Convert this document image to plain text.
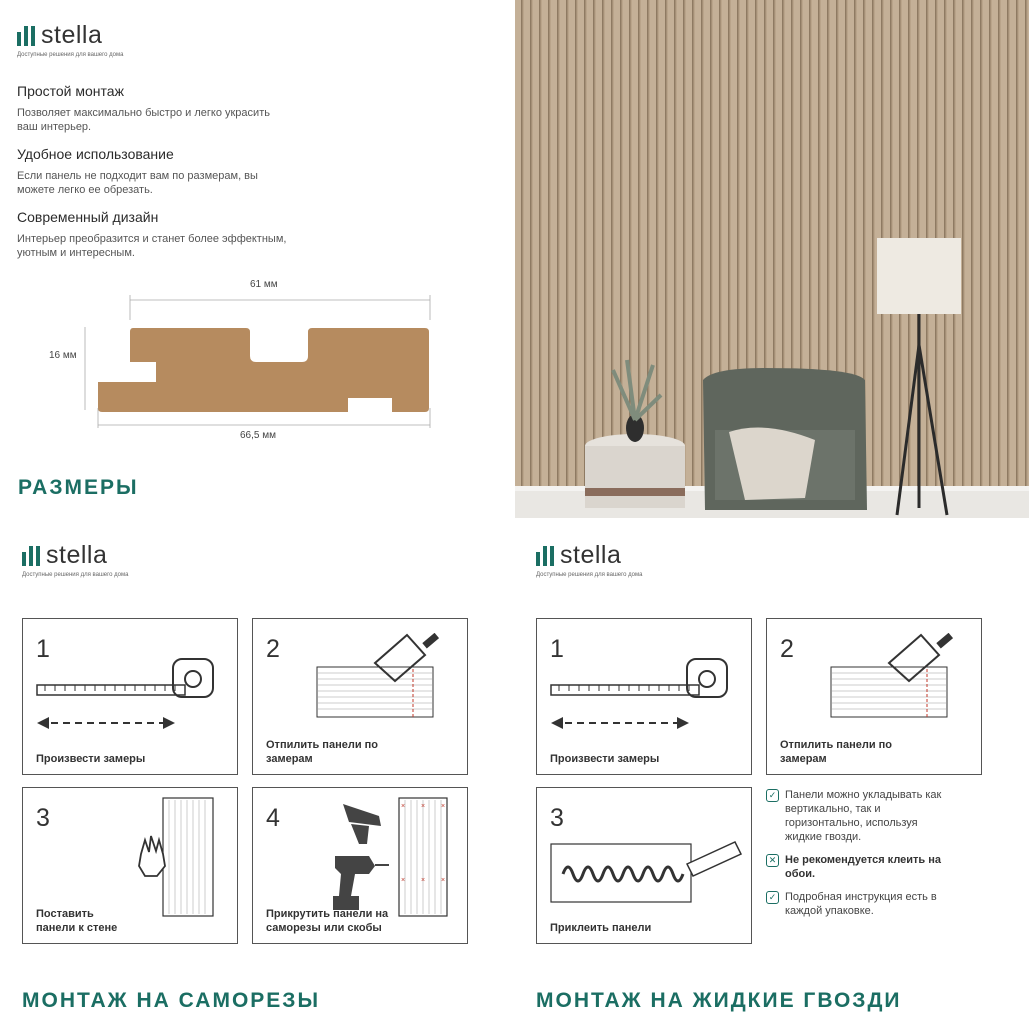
stella
Доступные решения для вашего дома
Простой монтаж
Позволяет максимально быстро и легко украсить ваш интерьер.
Удобное использование
Если панель не подходит вам по размерам, вы можете легко ее обрезать.
Современный дизайн
Интерьер преобразится и станет более эффектным, уютным и интересным.
61 мм
16 мм
66,5 мм
РАЗМЕРЫ
stella
Доступные решения для вашего дома
1
Произвести замеры
2
Отпилить панели по замерам
3
Поставить панели к стене
4	× × ×
× × ×
Прикрутить панели на саморезы или скобы
МОНТАЖ НА САМОРЕЗЫ
stella
Доступные решения для вашего дома
1
Произвести замеры
2
Отпилить панели по замерам
3
Приклеить панели
✓ Панели можно укладывать как вертикально, так и горизонтально, используя жидкие гвозди.
✕ Не рекомендуется клеить на обои.
✓ Подробная инструкция есть в каждой упаковке.
МОНТАЖ НА ЖИДКИЕ ГВОЗДИ
